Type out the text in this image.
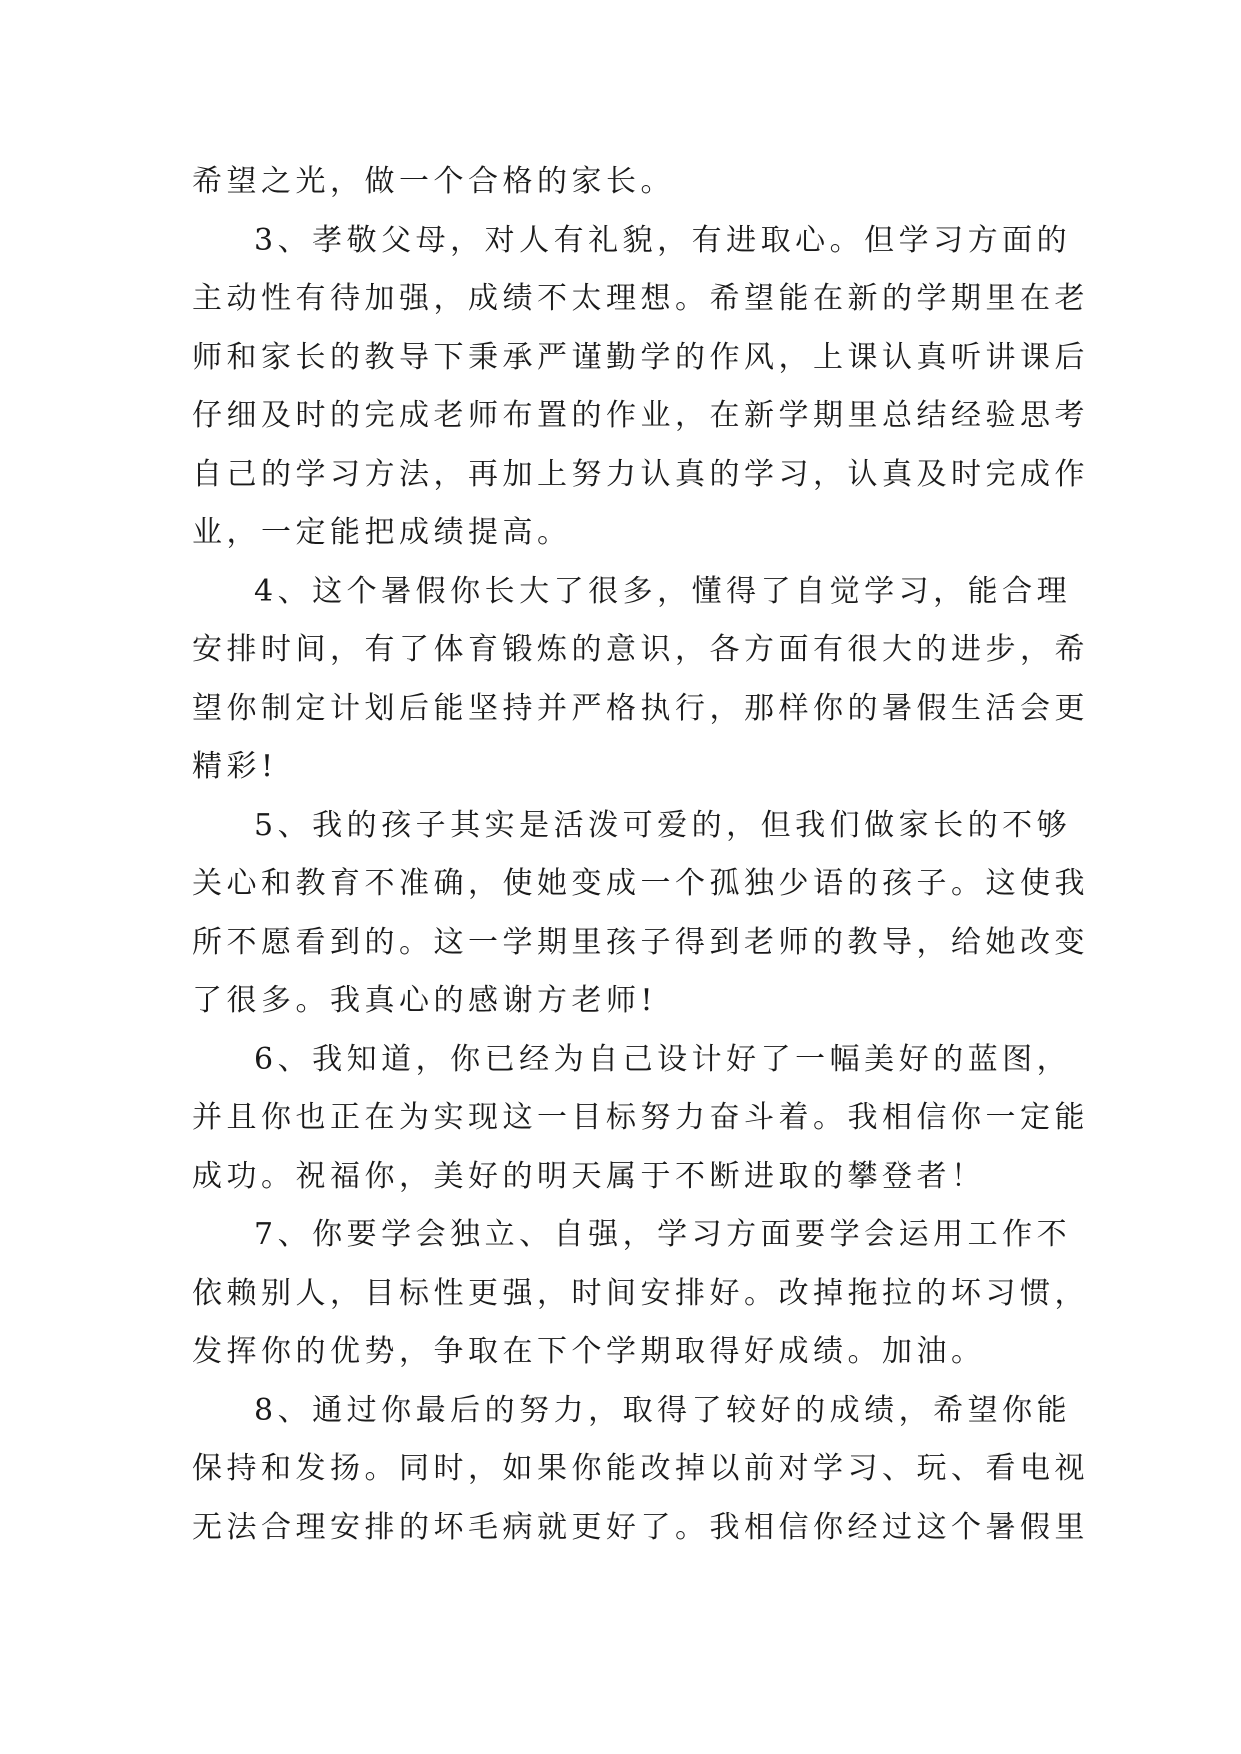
希望之光，做一个合格的家长。
3、孝敬父母，对人有礼貌，有进取心。但学习方面的
主动性有待加强，成绩不太理想。希望能在新的学期里在老
师和家长的教导下秉承严谨勤学的作风，上课认真听讲课后
仔细及时的完成老师布置的作业，在新学期里总结经验思考
自己的学习方法，再加上努力认真的学习，认真及时完成作
业，一定能把成绩提高。
4、这个暑假你长大了很多，懂得了自觉学习，能合理
安排时间，有了体育锻炼的意识，各方面有很大的进步，希
望你制定计划后能坚持并严格执行，那样你的暑假生活会更
精彩!
5、我的孩子其实是活泼可爱的，但我们做家长的不够
关心和教育不准确，使她变成一个孤独少语的孩子。这使我
所不愿看到的。这一学期里孩子得到老师的教导，给她改变
了很多。我真心的感谢方老师!
6、我知道，你已经为自己设计好了一幅美好的蓝图，
并且你也正在为实现这一目标努力奋斗着。我相信你一定能
成功。祝福你，美好的明天属于不断进取的攀登者！
7、你要学会独立、自强，学习方面要学会运用工作不
依赖别人，目标性更强，时间安排好。改掉拖拉的坏习惯，
发挥你的优势，争取在下个学期取得好成绩。加油。
8、通过你最后的努力，取得了较好的成绩，希望你能
保持和发扬。同时，如果你能改掉以前对学习、玩、看电视
无法合理安排的坏毛病就更好了。我相信你经过这个暑假里
